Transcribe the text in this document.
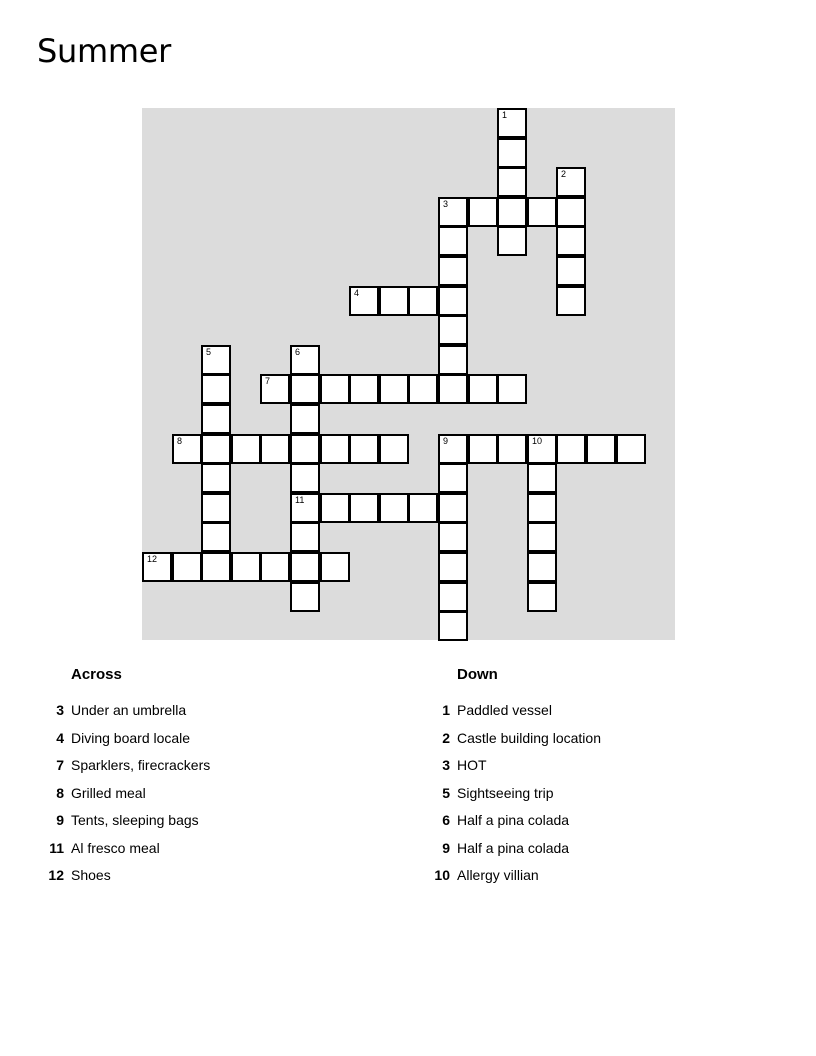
Summer
1
2
3
4
5	6
7
8	9	10
11
12
Across
3 Under an umbrella
4 Diving board locale
7 Sparklers, firecrackers
8 Grilled meal
9 Tents, sleeping bags
11 Al fresco meal
12 Shoes
Down
1 Paddled vessel
2 Castle building location
3 HOT
5 Sightseeing trip
6 Half a pina colada
9 Half a pina colada
10 Allergy villian
